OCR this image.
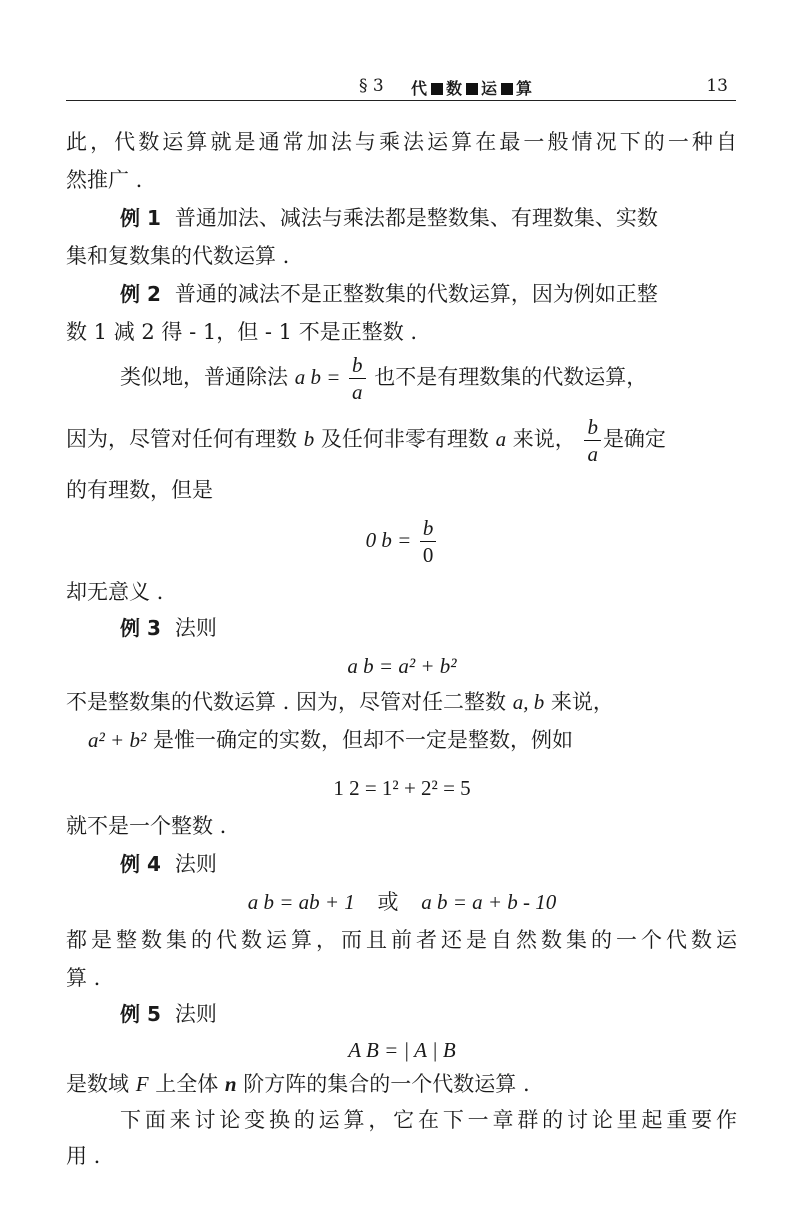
§ 3 代 数 运 算	13
此，代数运算就是通常加法与乘法运算在最一般情况下的一种自
然推广 .
例 1 普通加法、减法与乘法都是整数集、有理数集、实数
集和复数集的代数运算 .
例 2 普通的减法不是正整数集的代数运算，因为例如正整
数 1 减 2 得 - 1，但 - 1 不是正整数 .
类似地，普通除法 a $b = \frac{b}{a}$ 也不是有理数集的代数运算，
因为，尽管对任何有理数 b 及任何非零有理数 a 来说， $\frac{b}{a}$ 是确定
的有理数，但是
0 $b = \frac{b}{0}$
却无意义 .
例 3 法则
a b = a² + b²
不是整数集的代数运算 . 因为，尽管对任二整数 a, b 来说，
a² + b² 是惟一确定的实数，但却不一定是整数，例如
1 2 = 1² + 2² = 5
就不是一个整数 .
例 4 法则
a b = ab + 1 或 a b = a + b - 10
都是整数集的代数运算，而且前者还是自然数集的一个代数运
算 .
例 5 法则
A B = | A | B
是数域 F 上全体 n 阶方阵的集合的一个代数运算 .
下面来讨论变换的运算，它在下一章群的讨论里起重要作
用 .
